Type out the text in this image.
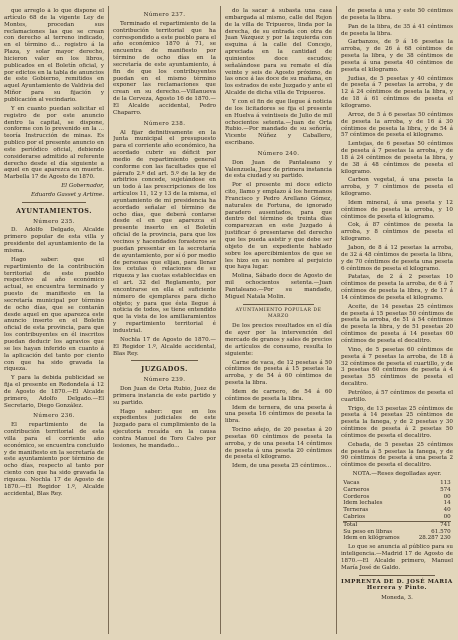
que arreglo á lo que dispone el artículo 68 de la vigente Ley de Montes, procedan sus reclamaciones las que se crean con derecho al terreno indicado, en el término d... registro á la Plaza, y solar mayor derecho, hicieron valer en los libros, publicados en el Boletín oficial, y por edictos en la tabla de anuncios de este Gobierno, remitidos en aquel Ayuntamiento de Valdivia del Miñor para su fijación y publicación al vecindario.

Y en cuanto puedan solicitar el registro de por este anuncio dentro la capital, se dispone, conforme con lo prevenido en la ... teoría Instrucción de minas. Es publico por el presente anuncio en este periódico oficial, debiendo considerarse admitido al referente derecho desde el día siguiente a aquel en que aparezca en muerte. Marbella 17 de Agosto de 1870.

El Gobernador,

Eduardo Gasset y Artime.

AYUNTAMIENTOS.

Número 235.

D. Adolfo Delgado, Alcalde primero popular de esta villa y presidente del ayuntamiento de la misma.

Hago saber: que el repartimiento de la contribución territorial de este pueblo respectivo al año económico actual, se encuentra terminado y puesto de manifiesto en la secretaría municipal por término de ocho días, que se contarán desde aquel en que aparezca este anuncio inserto en el Boletín oficial de esta provincia, para que los contribuyentes en él inscritos puedan deducir los agravios que se les hayan inferido en cuanto á la aplicación del tanto por ciento con que ha sido gravada la riqueza.

Y para la debida publicidad se fija el presente en Redondela á 12 de Agosto de 1870.—El Alcalde primero, Adolfo Delgado.—El Secretario, Diego González.

Número 236.

El repartimiento de la contribución territorial de esta villa para el corriente año económico, se encuentra concluido y de manifiesto en la secretaría de este ayuntamiento por término de ocho días, respecto al tanto por ciento con que ha sido gravada la riqueza. Nochla 17 de Agosto de 1870.—El Regidor 1.º, Alcalde accidental, Blas Rey.

Número 237.

Terminado el repartimiento de la contribución territorial que ha correspondido a este pueblo para el año económico 1870 á 71, se encuentra de manifiesto por término de ocho días en la secretaría de este ayuntamiento, á fin de que los contribuyentes puedan en el mismo término exponer las reclamaciones que crean en su derecho.—Villanueva de la Cerveza, Agosto 16 de 1870.—El Alcalde accidental, Pedro Chaparro.

Número 238.

Al fijar definitivamente en la Junta municipal el presupuesto para el corriente año económico, ha acordado cubrir su déficit por medio de repartimiento general conforme con las facultades que el párrafo 2.º del art. 5.º de la ley de arbitrios concede, sujetándose en un todo á las prescripciones de los artículos 11, 12 y 13 de la misma, el ayuntamiento de mi presidencia ha acordado señalar el término de ocho días, que deberá contarse desde el en que aparezca el presente inserto en el Boletín oficial de la provincia, para que los vecinos y hacendados forasteros se puedan presentar en la secretaría de ayuntamiento, por sí ó por medio de personas que elijan, para llenar los cetulas ó relaciones de su riqueza y las cuotas establecidas en el art. 32 del Reglamento, por encontrarse en ella el suficiente número de ejemplares para dicho objeto; y para que ésta llegue á noticia de todos, se tiene entendido que la vista de los amillaramientos y repartimiento territorial é industrial.

Nochla 17 de Agosto de 1870.—El Regidor 1.º, Alcalde accidental, Blas Rey.

JUZGADOS.

Número 239.

Don Juan de Orta Rubio, Juez de primera instancia de este partido y su partido.

Hago saber: que en los expedientes judiciales de este Juzgado para el cumplimiento de la ejecutoria recaída en la causa contra Manuel de Toro Calvo por lesiones, he mandado...

do la sacar á subasta una casa embargada al mismo, calle del Rejon de la villa de Tripueros, linda por la derecha, de su entrada con otra de Juan Vázquez y por la izquierda con esquina á la calle del Concejo, apreciada en la cantidad de quinientos doce escudos; señalándose para su remate el día veinte y seis de Agosto próximo, de las once á las doce de su mañana, en los estrados de este Juzgado y ante el Alcalde de dicha villa de Tripueros.

Y con el fin de que llegue á noticia de los licitadores se fija el presente en Huelva á veintiseis de Julio de mil ochocientos setenta.—Juan de Orta Rubio.—Por mandado de su señoría, Vicente Núñez y Caballero, escribano.

Número 240.

Don Juan de Pantaleano y Valenzuela, Juez de primera instancia de esta ciudad y su partido.

Por el presente mi doce edicto cito, llamo y emplazo á los hermanos Francisco y Pedro Arellano Gómez, naturales de Fortuna, de ignorado paradero ausentados, para que dentro del término de treinta días comparezcan en este Juzgado á justificar ó presentarse del derecho que les pueda asistir y que debe ser objeto de un expediente hablado sobre los apercibimientos de que se les hizo en su nombre al perjuicio que haya lugar.

Molina, Sábado doce de Agosto de mil ochocientos setenta.—Juan Pantaleano.—Por su mandado, Miguel Natala Molin.

AYUNTAMIENTO POPULAR DE MARZO

De los precios resultados en el día de ayer por la intervención del mercado de granos y sales de precios de artículos de consumo, resulta lo siguiente:

Carne de vaca, de 12 pesetas á 50 céntimos de peseta á 15 pesetas la arroba, y de 54 á 60 céntimos de peseta la libra.

Idem de carnero, de 54 á 60 céntimos de peseta la libra.

Idem de ternera, de una peseta á una peseta 16 céntimos de peseta la libra.

Tocino añejo, de 20 pesetas á 20 pesetas 60 céntimos de peseta la arroba, y de una peseta 14 céntimos de peseta á una peseta 20 céntimos de peseta el kilogramo.

Idem, de una peseta 25 céntimos...

de peseta á una y este 50 céntimos de peseta la libra.

Pan de la libra, de 35 á 41 céntimos de peseta la libra.

Garbanzos, de 9 á 16 pesetas la arroba, y de 26 á 68 céntimos de peseta la libra, y de 38 céntimos de peseta á una peseta 40 céntimos de peseta el kilogramo.

Judias, de 5 pesetas y 40 céntimos de peseta á 7 pesetas la arroba, y de 12 á 24 céntimos de peseta la libra, y de 18 á 61 céntimos de peseta el kilogramo.

Arroz, de 5 á 6 pesetas 50 céntimos de peseta la arroba, y de 16 á 30 céntimos de peseta la libra, y de 54 á 57 céntimos de peseta el kilogramo.

Lentejas, de 6 pesetas 50 céntimos de peseta á 7 pesetas la arroba, y de 18 á 24 céntimos de peseta la libra, y de 38 á 48 céntimos de peseta el kilogramo.

Carbon vegetal, á una peseta la arroba, y 7 céntimos de peseta el kilogramo.

Idem mineral, á una peseta y 12 céntimos de peseta la arroba, y 10 céntimos de peseta el kilogramo.

Cok, á 87 céntimos de peseta la arroba, y 8 céntimos de peseta el kilogramo.

Jabon, de 8 á 12 pesetas la arroba, de 32 á 48 céntimos de peseta la libra, y de 70 céntimos de peseta una peseta 6 céntimos de peseta el kilogramo.

Patatas, de 2 á 2 pesetas 10 céntimos de peseta la arroba, de 6 á 7 céntimos de peseta la libra, y de 17 á 14 céntimos de peseta el kilogramo.

Aceite, de 14 pesetas 25 céntimos de peseta á 15 pesetas 50 céntimos de peseta la arroba, de 51 á 54 céntimos de peseta la libra, y de 51 pesetas 20 céntimos de peseta á 14 pesetas 60 céntimos de peseta el decalitro.

Vino, de 5 pesetas 60 céntimos de peseta á 7 pesetas la arroba, de 18 á 32 céntimos de peseta el cuartillo, y de 3 pesetas 60 céntimos de peseta á 4 pesetas 55 céntimos de peseta el decalitro.

Petróleo, á 57 céntimos de peseta el cuartillo.

Trigo, de 13 pesetas 25 céntimos de peseta á 14 pesetas 25 céntimos de peseta la fanega, y de 2 pesetas y 30 céntimos de peseta á 2 pesetas 50 céntimos de peseta el decalitro.

Cebada, de 5 pesetas 25 céntimos de peseta á 5 pesetas la fanega, y de 90 céntimos de peseta á una peseta 2 céntimos de peseta el decalitro.

NOTA.—Reses degolladas ayer.

Vacas	113
Carneros	574
Corderos	00
Idem lechales	14
Terneras	40
Cabrios	00
Total	741
Su peso en libras	61.570
Idem en kilógramos	28.287 230

Lo que se anuncia al público para su inteligencia.—Madrid 17 de Agosto de 1870.—El Alcalde primero, Manuel María José de Galdo.

IMPRENTA DE D. JOSÉ MARIA Herrera y Pinto.

Moneda, 3.
